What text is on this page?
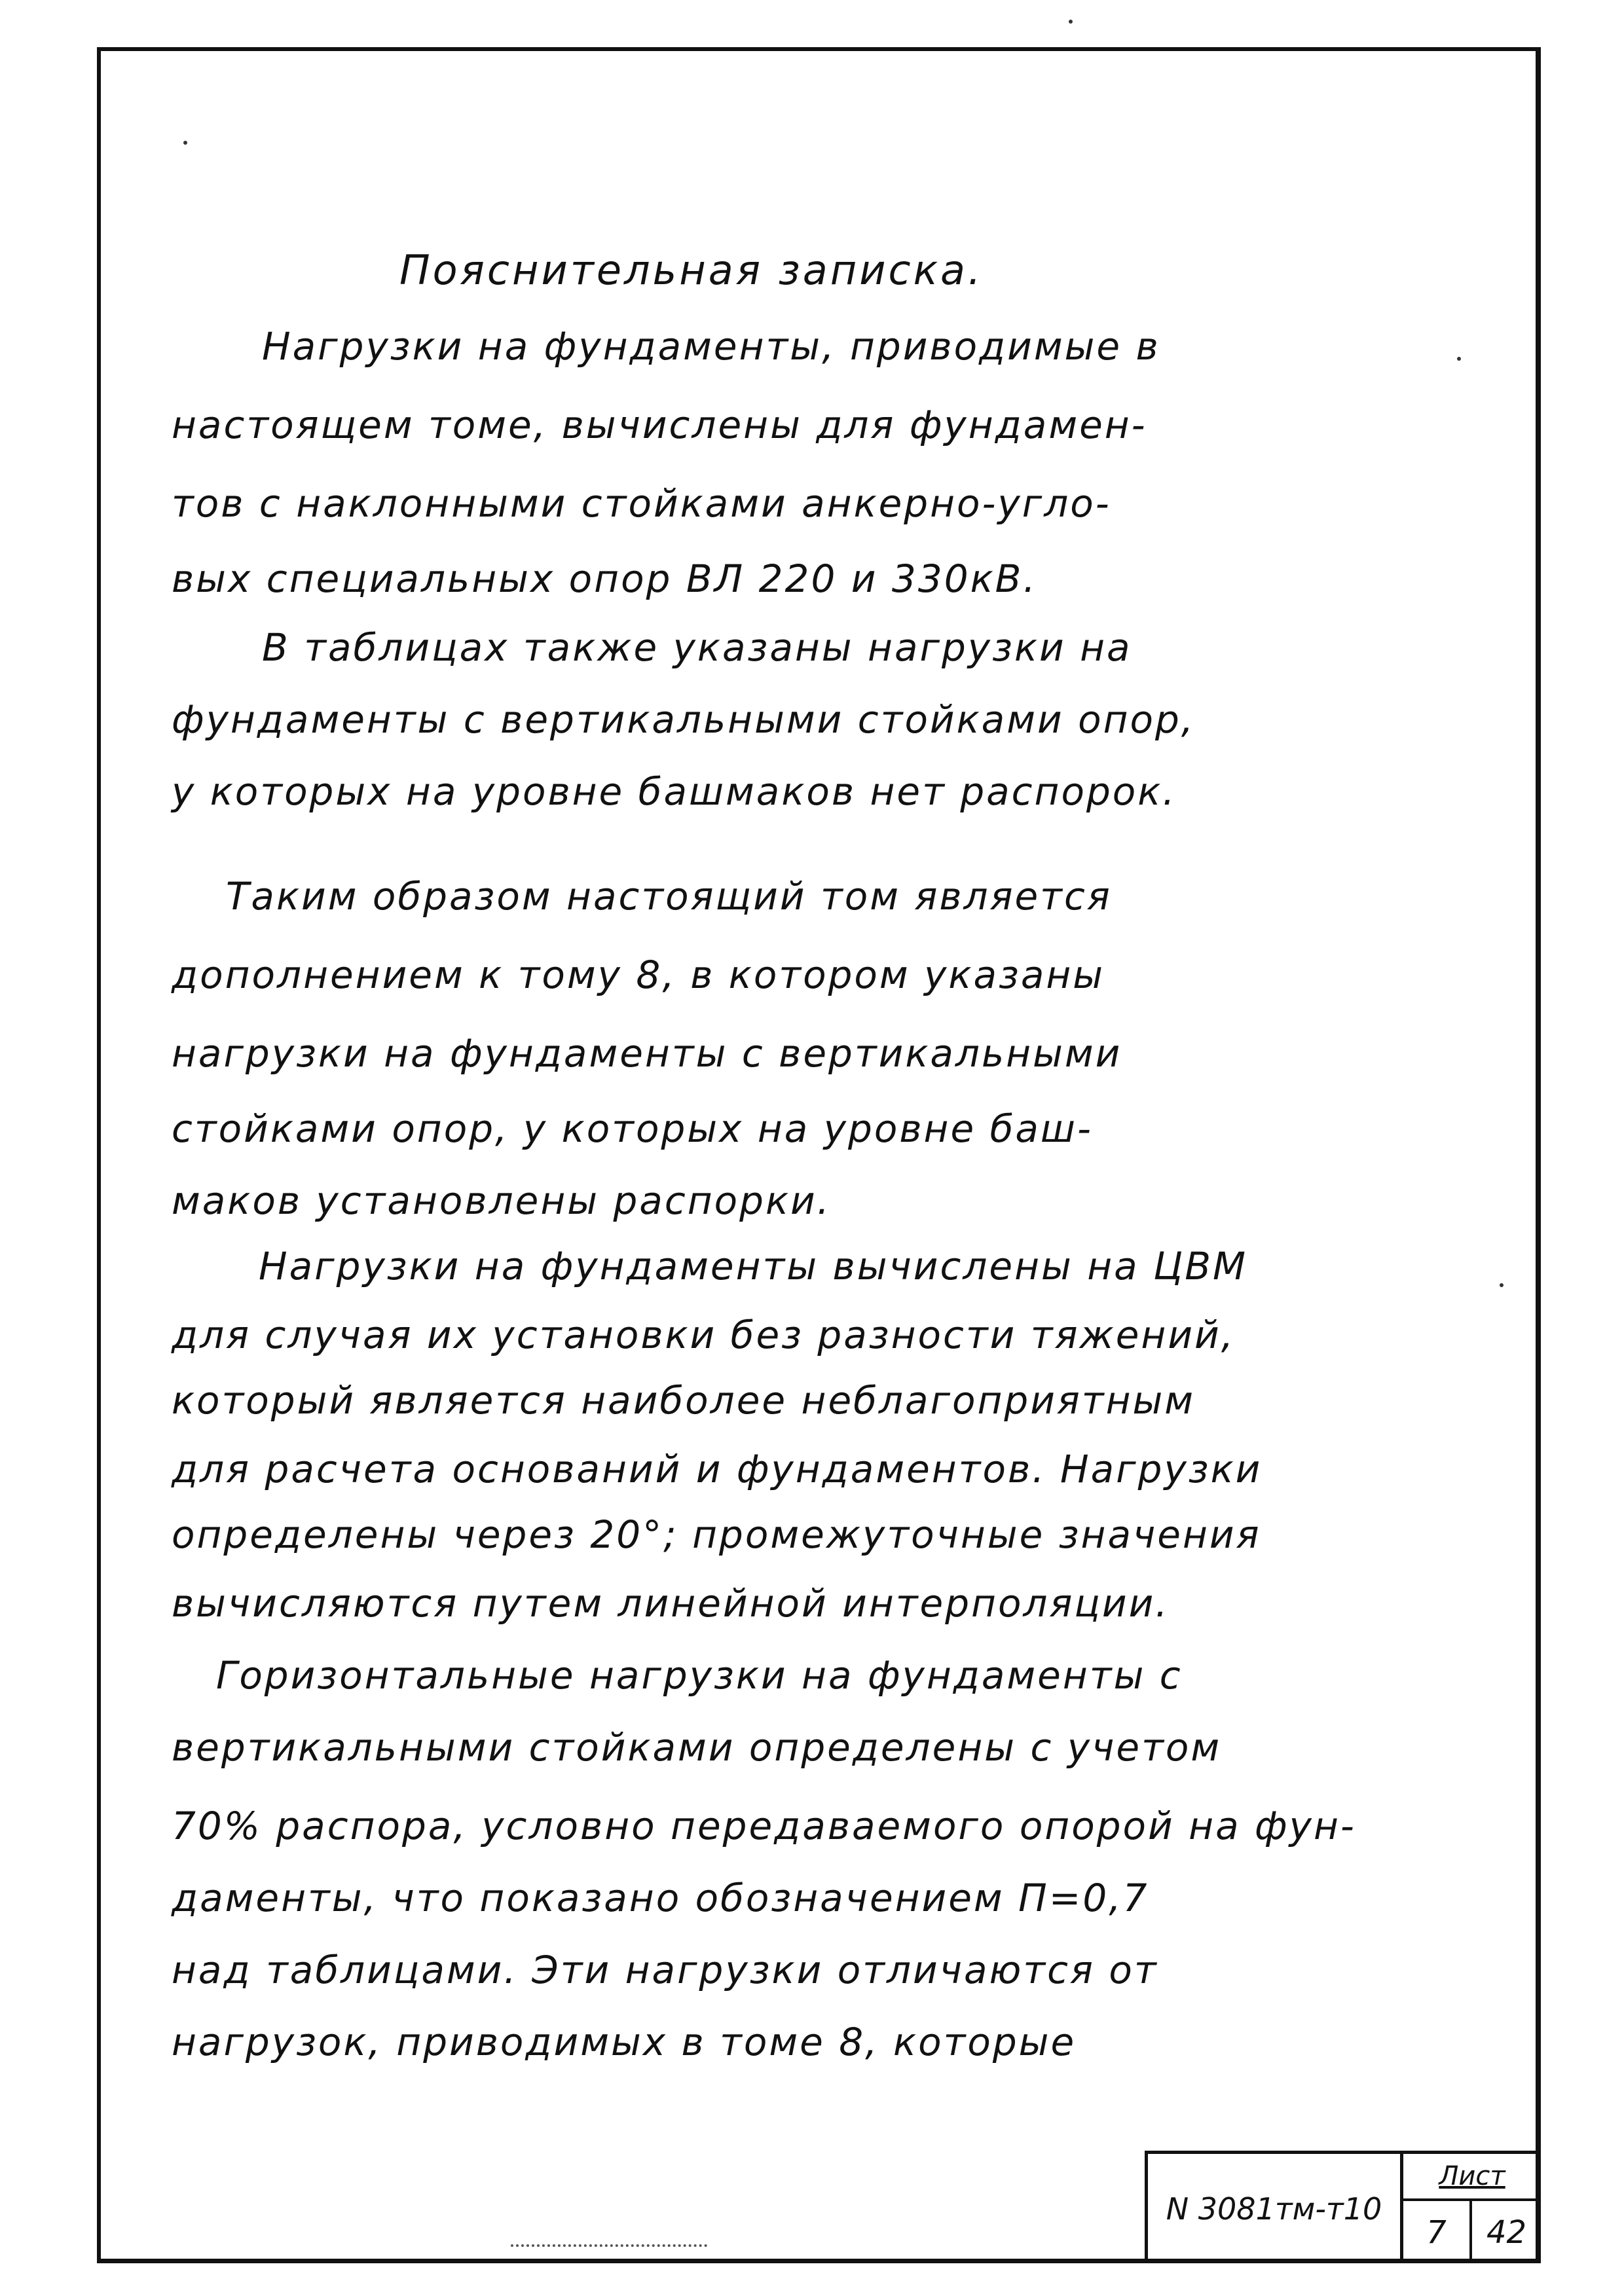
Пояснительная записка.
Нагрузки на фундаменты, приводимые в
настоящем томе, вычислены для фундамен-
тов с наклонными стойками анкерно-угло-
вых специальных опор ВЛ 220 и 330кВ.
В таблицах также указаны нагрузки на
фундаменты с вертикальными стойками опор,
у которых на уровне башмаков нет распорок.
Таким образом настоящий том является
дополнением к тому 8, в котором указаны
нагрузки на фундаменты с вертикальными
стойками опор, у которых на уровне баш-
маков установлены распорки.
Нагрузки на фундаменты вычислены на ЦВМ
для случая их установки без разности тяжений,
который является наиболее неблагоприятным
для расчета оснований и фундаментов. Нагрузки
определены через 20°; промежуточные значения
вычисляются путем линейной интерполяции.
Горизонтальные нагрузки на фундаменты с
вертикальными стойками определены с учетом
70% распора, условно передаваемого опорой на фун-
даменты, что показано обозначением П=0,7
над таблицами. Эти нагрузки отличаются от
нагрузок, приводимых в томе 8, которые
N 3081тм-т10
Лист
7	42
